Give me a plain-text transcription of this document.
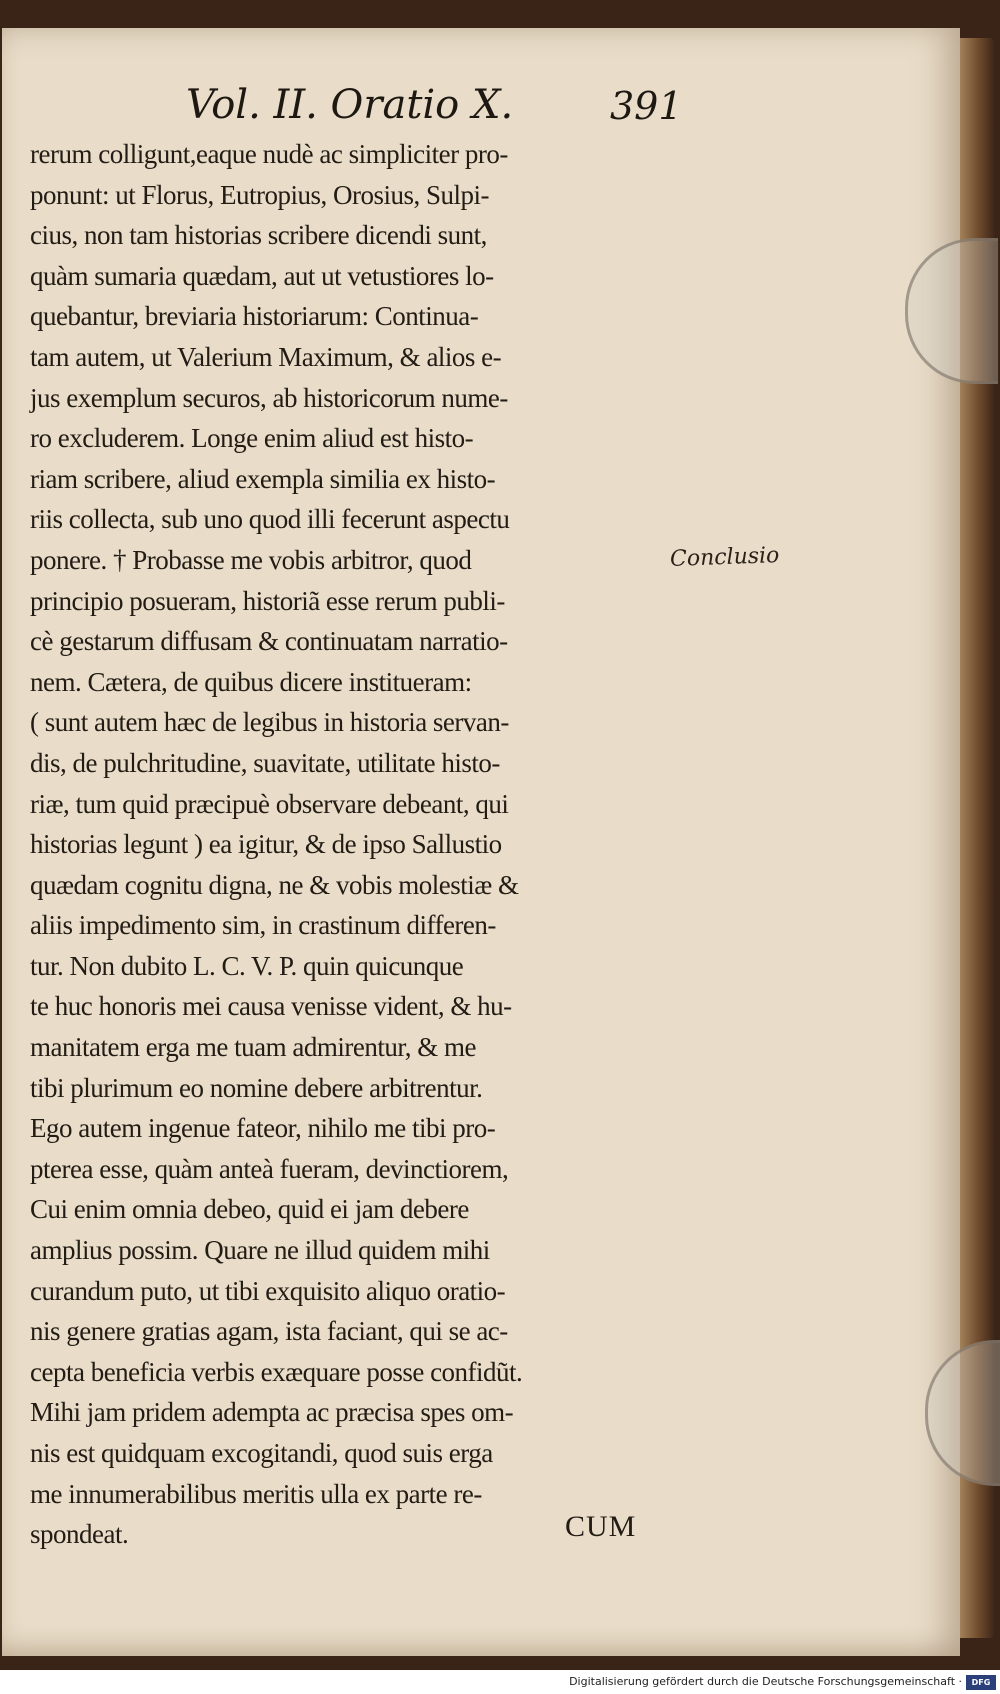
Vol. II. Oratio X.	391
rerum colligunt,eaque nudè ac simpliciter pro-
ponunt: ut Florus, Eutropius, Orosius, Sulpi-
cius, non tam historias scribere dicendi sunt,
quàm sumaria quædam, aut ut vetustiores lo-
quebantur, breviaria historiarum: Continua-
tam autem, ut Valerium Maximum, & alios e-
jus exemplum securos, ab historicorum nume-
ro excluderem. Longe enim aliud est histo-
riam scribere, aliud exempla similia ex histo-
riis collecta, sub uno quod illi fecerunt aspectu
ponere. † Probasse me vobis arbitror, quod
principio posueram, historiã esse rerum publi-
cè gestarum diffusam & continuatam narratio-
nem. Cætera, de quibus dicere institueram:
( sunt autem hæc de legibus in historia servan-
dis, de pulchritudine, suavitate, utilitate histo-
riæ, tum quid præcipuè observare debeant, qui
historias legunt ) ea igitur, & de ipso Sallustio
quædam cognitu digna, ne & vobis molestiæ &
aliis impedimento sim, in crastinum differen-
tur. Non dubito L. C. V. P. quin quicunque
te huc honoris mei causa venisse vident, & hu-
manitatem erga me tuam admirentur, & me
tibi plurimum eo nomine debere arbitrentur.
Ego autem ingenue fateor, nihilo me tibi pro-
pterea esse, quàm anteà fueram, devinctiorem,
Cui enim omnia debeo, quid ei jam debere
amplius possim. Quare ne illud quidem mihi
curandum puto, ut tibi exquisito aliquo oratio-
nis genere gratias agam, ista faciant, qui se ac-
cepta beneficia verbis exæquare posse confidũt.
Mihi jam pridem adempta ac præcisa spes om-
nis est quidquam excogitandi, quod suis erga
me innumerabilibus meritis ulla ex parte re-
spondeat.
Conclusio
CUM
Digitalisierung gefördert durch die Deutsche Forschungsgemeinschaft ·	DFG
